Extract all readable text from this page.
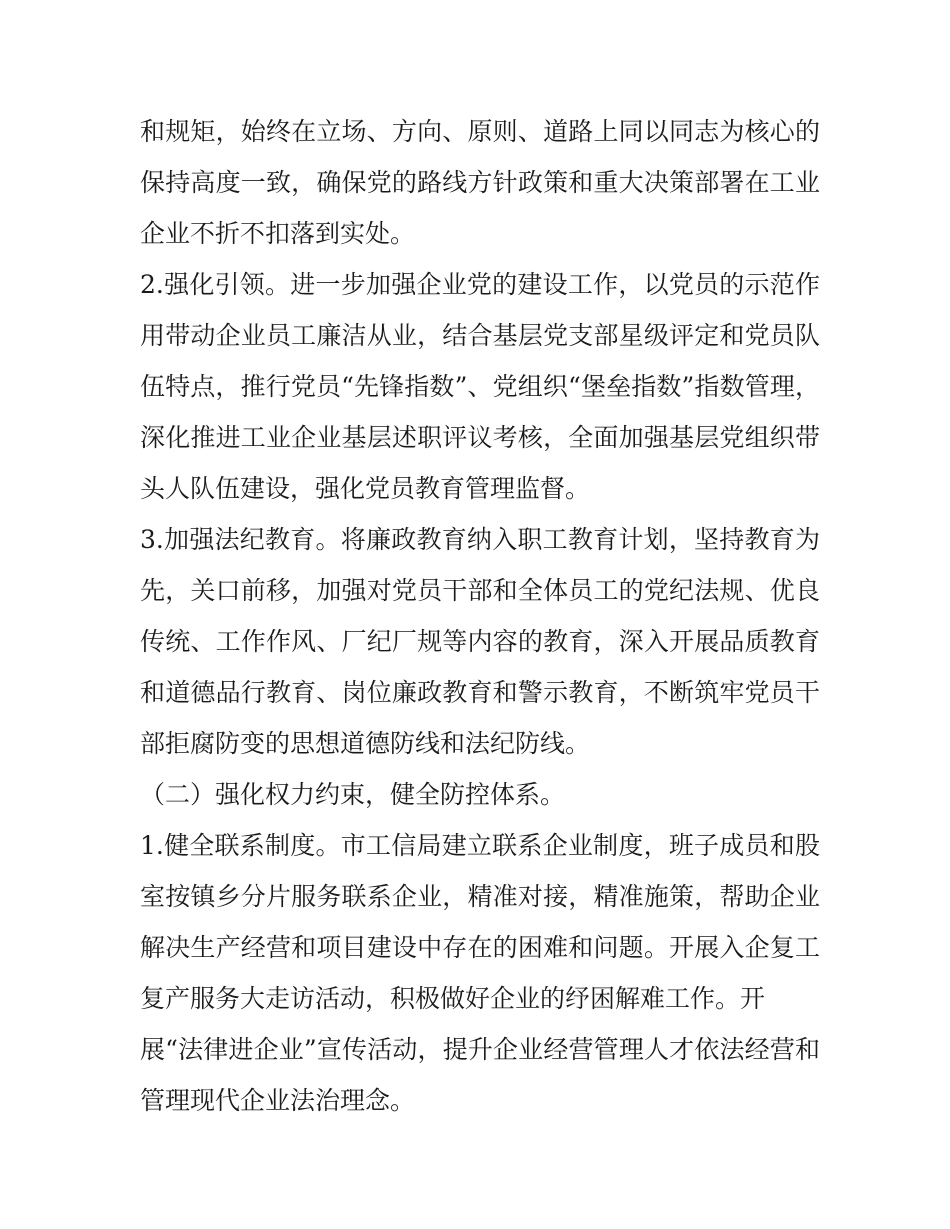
和规矩，始终在立场、方向、原则、道路上同以同志为核心的
保持高度一致，确保党的路线方针政策和重大决策部署在工业
企业不折不扣落到实处。
2.强化引领。进一步加强企业党的建设工作，以党员的示范作
用带动企业员工廉洁从业，结合基层党支部星级评定和党员队
伍特点，推行党员“先锋指数”、党组织“堡垒指数”指数管理，
深化推进工业企业基层述职评议考核，全面加强基层党组织带
头人队伍建设，强化党员教育管理监督。
3.加强法纪教育。将廉政教育纳入职工教育计划，坚持教育为
先，关口前移，加强对党员干部和全体员工的党纪法规、优良
传统、工作作风、厂纪厂规等内容的教育，深入开展品质教育
和道德品行教育、岗位廉政教育和警示教育，不断筑牢党员干
部拒腐防变的思想道德防线和法纪防线。
（二）强化权力约束，健全防控体系。
1.健全联系制度。市工信局建立联系企业制度，班子成员和股
室按镇乡分片服务联系企业，精准对接，精准施策，帮助企业
解决生产经营和项目建设中存在的困难和问题。开展入企复工
复产服务大走访活动，积极做好企业的纾困解难工作。开
展“法律进企业”宣传活动，提升企业经营管理人才依法经营和
管理现代企业法治理念。
